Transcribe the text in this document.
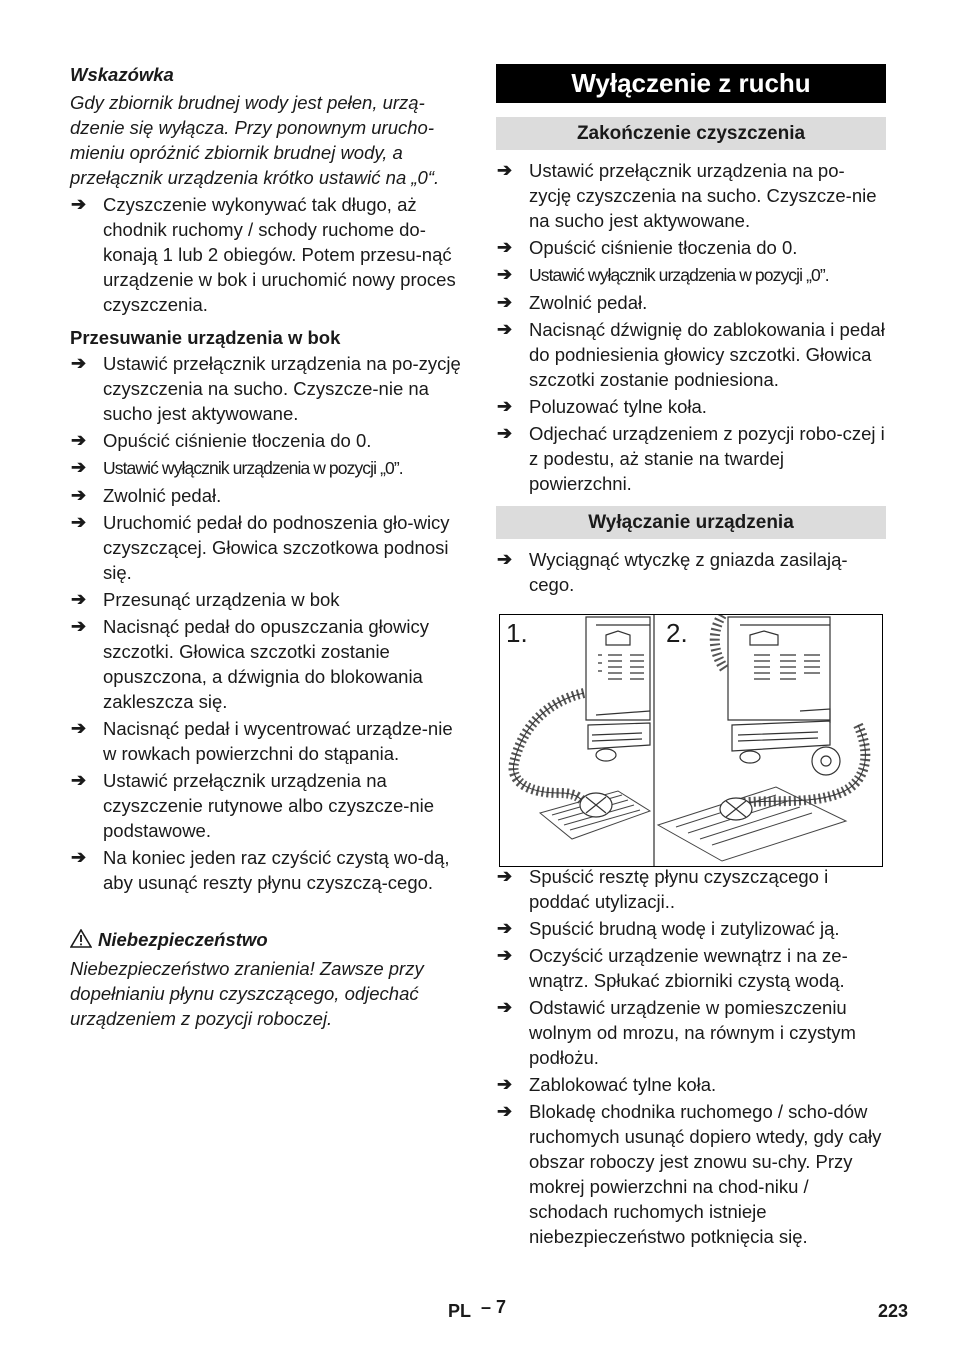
Wskazówka
Gdy zbiornik brudnej wody jest pełen, urzą-dzenie się wyłącza. Przy ponownym urucho-mieniu opróżnić zbiornik brudnej wody, a przełącznik urządzenia krótko ustawić na „0“.
➔ Czyszczenie wykonywać tak długo, aż chodnik ruchomy / schody ruchome do-konają 1 lub 2 obiegów. Potem przesu-nąć urządzenie w bok i uruchomić nowy proces czyszczenia.
Przesuwanie urządzenia w bok
➔ Ustawić przełącznik urządzenia na po-zycję czyszczenia na sucho. Czyszcze-nie na sucho jest aktywowane.
➔ Opuścić ciśnienie tłoczenia do 0.
➔ Ustawić wyłącznik urządzenia w pozycji „0”.
➔ Zwolnić pedał.
➔ Uruchomić pedał do podnoszenia gło-wicy czyszczącej. Głowica szczotkowa podnosi się.
➔ Przesunąć urządzenia w bok
➔ Nacisnąć pedał do opuszczania głowicy szczotki. Głowica szczotki zostanie opuszczona, a dźwignia do blokowania zakleszcza się.
➔ Nacisnąć pedał i wycentrować urządze-nie w rowkach powierzchni do stąpania.
➔ Ustawić przełącznik urządzenia na czyszczenie rutynowe albo czyszcze-nie podstawowe.
➔ Na koniec jeden raz czyścić czystą wo-dą, aby usunąć reszty płynu czyszczą-cego.
Niebezpieczeństwo
Niebezpieczeństwo zranienia! Zawsze przy dopełnianiu płynu czyszczącego, odjechać urządzeniem z pozycji roboczej.
Wyłączenie z ruchu
Zakończenie czyszczenia
➔ Ustawić przełącznik urządzenia na po-zycję czyszczenia na sucho. Czyszcze-nie na sucho jest aktywowane.
➔ Opuścić ciśnienie tłoczenia do 0.
➔ Ustawić wyłącznik urządzenia w pozycji „0”.
➔ Zwolnić pedał.
➔ Nacisnąć dźwignię do zablokowania i pedał do podniesienia głowicy szczotki. Głowica szczotki zostanie podniesiona.
➔ Poluzować tylne koła.
➔ Odjechać urządzeniem z pozycji robo-czej i z podestu, aż stanie na twardej powierzchni.
Wyłączanie urządzenia
➔ Wyciągnąć wtyczkę z gniazda zasilają-cego.
1.	2.
➔ Spuścić resztę płynu czyszczącego i poddać utylizacji..
➔ Spuścić brudną wodę i zutylizować ją.
➔ Oczyścić urządzenie wewnątrz i na ze-wnątrz. Spłukać zbiorniki czystą wodą.
➔ Odstawić urządzenie w pomieszczeniu wolnym od mrozu, na równym i czystym podłożu.
➔ Zablokować tylne koła.
➔ Blokadę chodnika ruchomego / scho-dów ruchomych usunąć dopiero wtedy, gdy cały obszar roboczy jest znowu su-chy. Przy mokrej powierzchni na chod-niku / schodach ruchomych istnieje niebezpieczeństwo potknięcia się.
PL – 7	223
